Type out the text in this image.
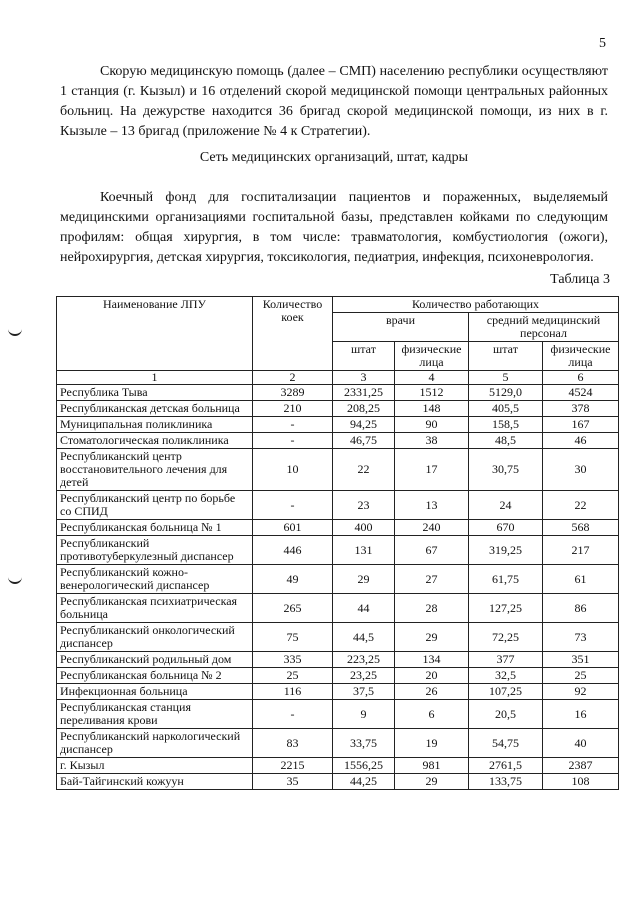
5

Скорую медицинскую помощь (далее – СМП) населению республики осуществляют 1 станция (г. Кызыл) и 16 отделений скорой медицинской помощи центральных районных больниц. На дежурстве находится 36 бригад скорой медицинской помощи, из них в г. Кызыле – 13 бригад (приложение № 4 к Стратегии).

Сеть медицинских организаций, штат, кадры

Коечный фонд для госпитализации пациентов и пораженных, выделяемый медицинскими организациями госпитальной базы, представлен койками по следующим профилям: общая хирургия, в том числе: травматология, комбустиология (ожоги), нейрохирургия, детская хирургия, токсикология, педиатрия, инфекция, психоневрология.

Таблица 3
Наименование ЛПУ	Количество коек	Количество работающих			
		врачи		средний медицинский персонал	
		штат	физические лица	штат	физические лица
1	2	3	4	5	6
Республика Тыва	3289	2331,25	1512	5129,0	4524
Республиканская детская больница	210	208,25	148	405,5	378
Муниципальная поликлиника	-	94,25	90	158,5	167
Стоматологическая поликлиника	-	46,75	38	48,5	46
Республиканский центр восстановительного лечения для детей	10	22	17	30,75	30
Республиканский центр по борьбе со СПИД	-	23	13	24	22
Республиканская больница № 1	601	400	240	670	568
Республиканский противотуберкулезный диспансер	446	131	67	319,25	217
Республиканский кожно-венерологический диспансер	49	29	27	61,75	61
Республиканская психиатрическая больница	265	44	28	127,25	86
Республиканский онкологический диспансер	75	44,5	29	72,25	73
Республиканский родильный дом	335	223,25	134	377	351
Республиканская больница № 2	25	23,25	20	32,5	25
Инфекционная больница	116	37,5	26	107,25	92
Республиканская станция переливания крови	-	9	6	20,5	16
Республиканский наркологический диспансер	83	33,75	19	54,75	40
г. Кызыл	2215	1556,25	981	2761,5	2387
Бай-Тайгинский кожуун	35	44,25	29	133,75	108
